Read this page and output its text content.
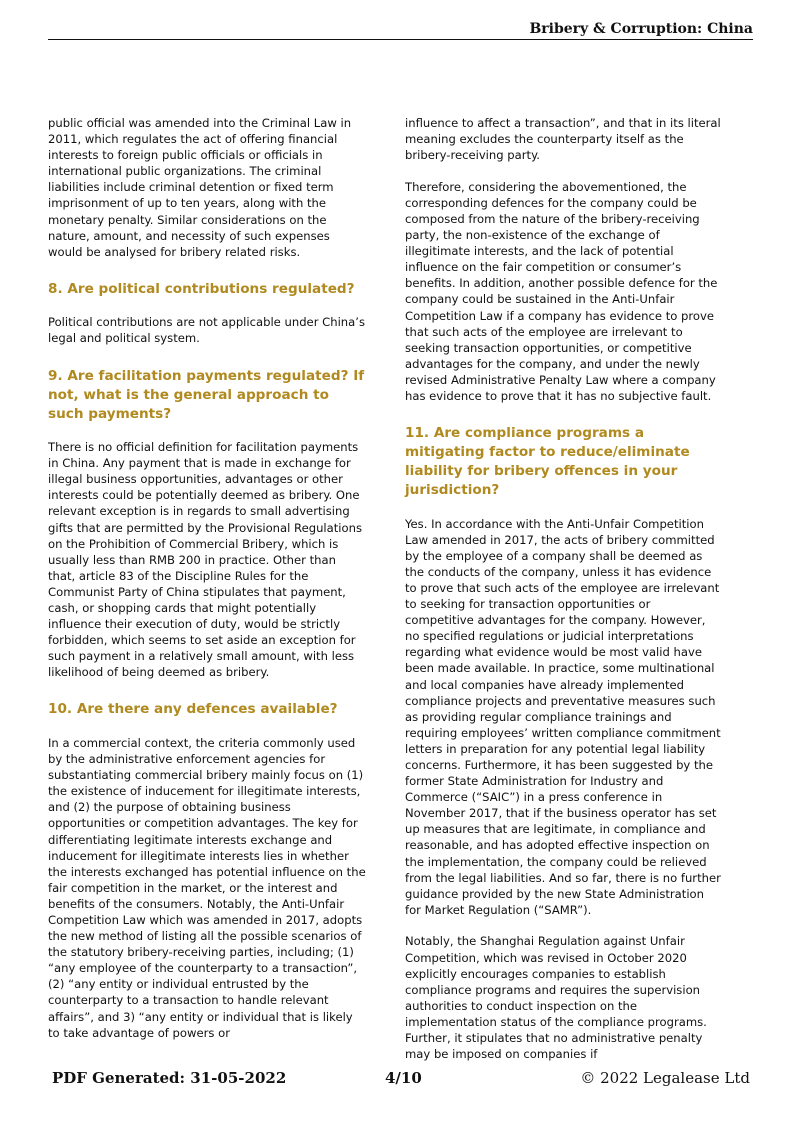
Bribery & Corruption: China

public official was amended into the Criminal Law in 2011, which regulates the act of offering financial interests to foreign public officials or officials in international public organizations. The criminal liabilities include criminal detention or fixed term imprisonment of up to ten years, along with the monetary penalty. Similar considerations on the nature, amount, and necessity of such expenses would be analysed for bribery related risks.

8. Are political contributions regulated?

Political contributions are not applicable under China’s legal and political system.

9. Are facilitation payments regulated? If not, what is the general approach to such payments?

There is no official definition for facilitation payments in China. Any payment that is made in exchange for illegal business opportunities, advantages or other interests could be potentially deemed as bribery. One relevant exception is in regards to small advertising gifts that are permitted by the Provisional Regulations on the Prohibition of Commercial Bribery, which is usually less than RMB 200 in practice. Other than that, article 83 of the Discipline Rules for the Communist Party of China stipulates that payment, cash, or shopping cards that might potentially influence their execution of duty, would be strictly forbidden, which seems to set aside an exception for such payment in a relatively small amount, with less likelihood of being deemed as bribery.

10. Are there any defences available?

In a commercial context, the criteria commonly used by the administrative enforcement agencies for substantiating commercial bribery mainly focus on (1) the existence of inducement for illegitimate interests, and (2) the purpose of obtaining business opportunities or competition advantages. The key for differentiating legitimate interests exchange and inducement for illegitimate interests lies in whether the interests exchanged has potential influence on the fair competition in the market, or the interest and benefits of the consumers. Notably, the Anti-Unfair Competition Law which was amended in 2017, adopts the new method of listing all the possible scenarios of the statutory bribery-receiving parties, including; (1) “any employee of the counterparty to a transaction”, (2) “any entity or individual entrusted by the counterparty to a transaction to handle relevant affairs”, and 3) “any entity or individual that is likely to take advantage of powers or

influence to affect a transaction”, and that in its literal meaning excludes the counterparty itself as the bribery-receiving party.

Therefore, considering the abovementioned, the corresponding defences for the company could be composed from the nature of the bribery-receiving party, the non-existence of the exchange of illegitimate interests, and the lack of potential influence on the fair competition or consumer’s benefits. In addition, another possible defence for the company could be sustained in the Anti-Unfair Competition Law if a company has evidence to prove that such acts of the employee are irrelevant to seeking transaction opportunities, or competitive advantages for the company, and under the newly revised Administrative Penalty Law where a company has evidence to prove that it has no subjective fault.

11. Are compliance programs a mitigating factor to reduce/eliminate liability for bribery offences in your jurisdiction?

Yes. In accordance with the Anti-Unfair Competition Law amended in 2017, the acts of bribery committed by the employee of a company shall be deemed as the conducts of the company, unless it has evidence to prove that such acts of the employee are irrelevant to seeking for transaction opportunities or competitive advantages for the company. However, no specified regulations or judicial interpretations regarding what evidence would be most valid have been made available. In practice, some multinational and local companies have already implemented compliance projects and preventative measures such as providing regular compliance trainings and requiring employees’ written compliance commitment letters in preparation for any potential legal liability concerns. Furthermore, it has been suggested by the former State Administration for Industry and Commerce (“SAIC”) in a press conference in November 2017, that if the business operator has set up measures that are legitimate, in compliance and reasonable, and has adopted effective inspection on the implementation, the company could be relieved from the legal liabilities. And so far, there is no further guidance provided by the new State Administration for Market Regulation (“SAMR”).

Notably, the Shanghai Regulation against Unfair Competition, which was revised in October 2020 explicitly encourages companies to establish compliance programs and requires the supervision authorities to conduct inspection on the implementation status of the compliance programs. Further, it stipulates that no administrative penalty may be imposed on companies if

PDF Generated: 31-05-2022	4/10	© 2022 Legalease Ltd
